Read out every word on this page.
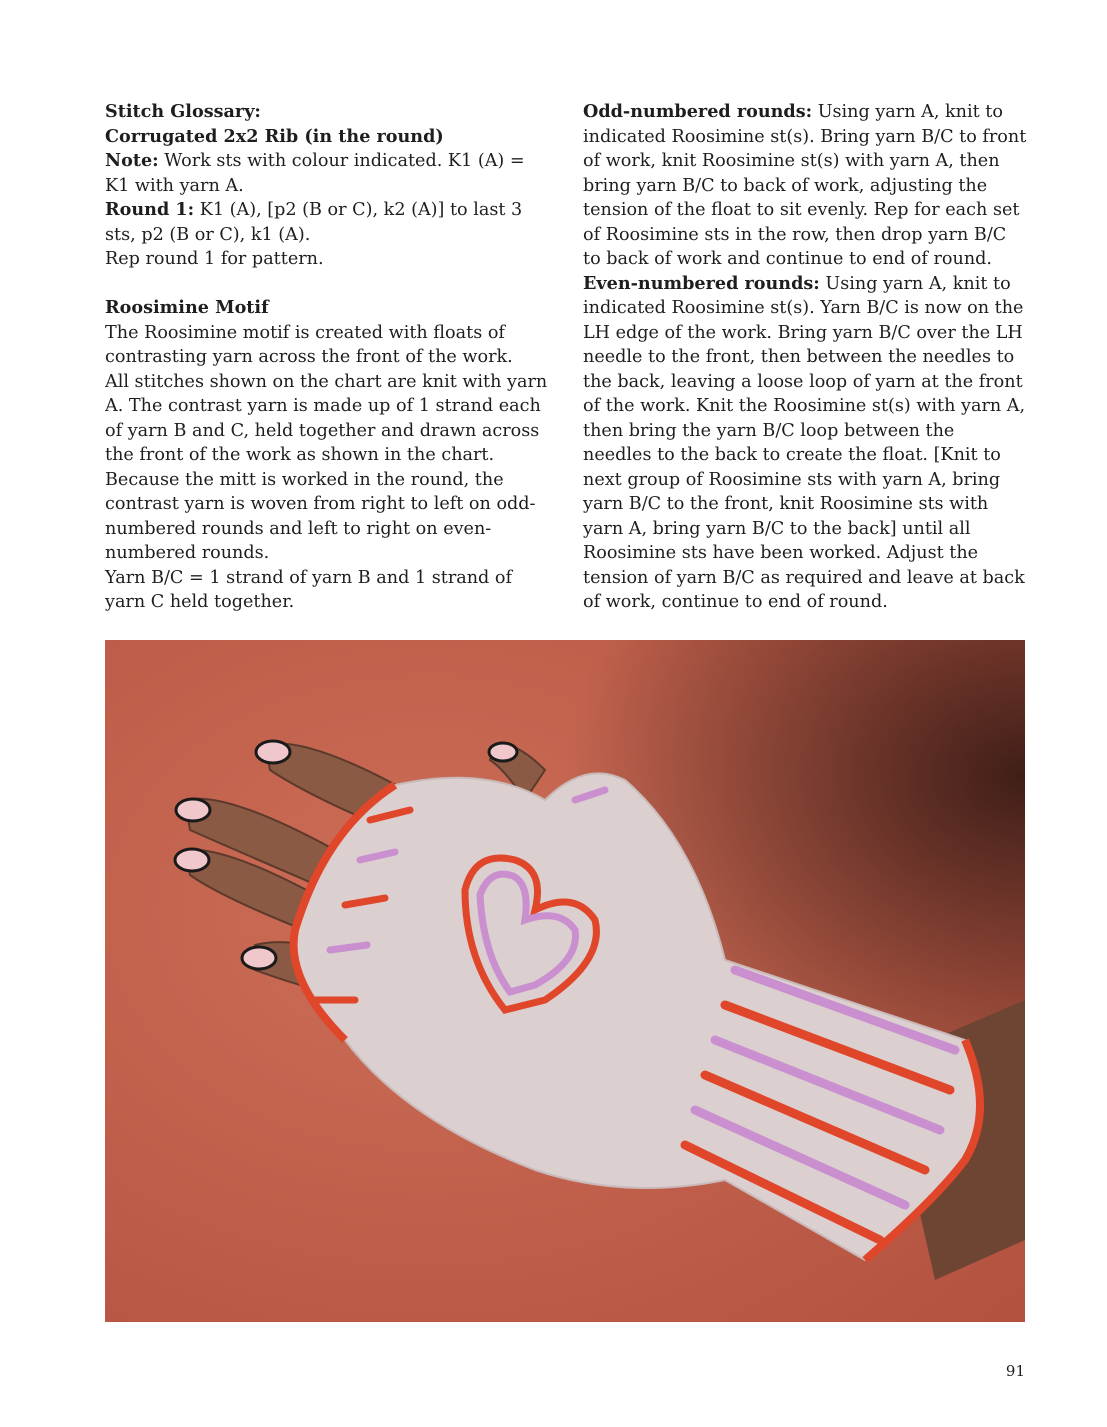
Stitch Glossary:

Corrugated 2x2 Rib (in the round)

Note: Work sts with colour indicated. K1 (A) = K1 with yarn A.

Round 1: K1 (A), [p2 (B or C), k2 (A)] to last 3 sts, p2 (B or C), k1 (A).

Rep round 1 for pattern.

Roosimine Motif

The Roosimine motif is created with floats of contrasting yarn across the front of the work.

All stitches shown on the chart are knit with yarn A. The contrast yarn is made up of 1 strand each of yarn B and C, held together and drawn across the front of the work as shown in the chart. Because the mitt is worked in the round, the contrast yarn is woven from right to left on odd-numbered rounds and left to right on even-numbered rounds.

Yarn B/C = 1 strand of yarn B and 1 strand of yarn C held together.

Odd-numbered rounds: Using yarn A, knit to indicated Roosimine st(s). Bring yarn B/C to front of work, knit Roosimine st(s) with yarn A, then bring yarn B/C to back of work, adjusting the tension of the float to sit evenly. Rep for each set of Roosimine sts in the row, then drop yarn B/C to back of work and continue to end of round.

Even-numbered rounds: Using yarn A, knit to indicated Roosimine st(s). Yarn B/C is now on the LH edge of the work. Bring yarn B/C over the LH needle to the front, then between the needles to the back, leaving a loose loop of yarn at the front of the work. Knit the Roosimine st(s) with yarn A, then bring the yarn B/C loop between the needles to the back to create the float. [Knit to next group of Roosimine sts with yarn A, bring yarn B/C to the front, knit Roosimine sts with yarn A, bring yarn B/C to the back] until all Roosimine sts have been worked. Adjust the tension of yarn B/C as required and leave at back of work, continue to end of round.

91
